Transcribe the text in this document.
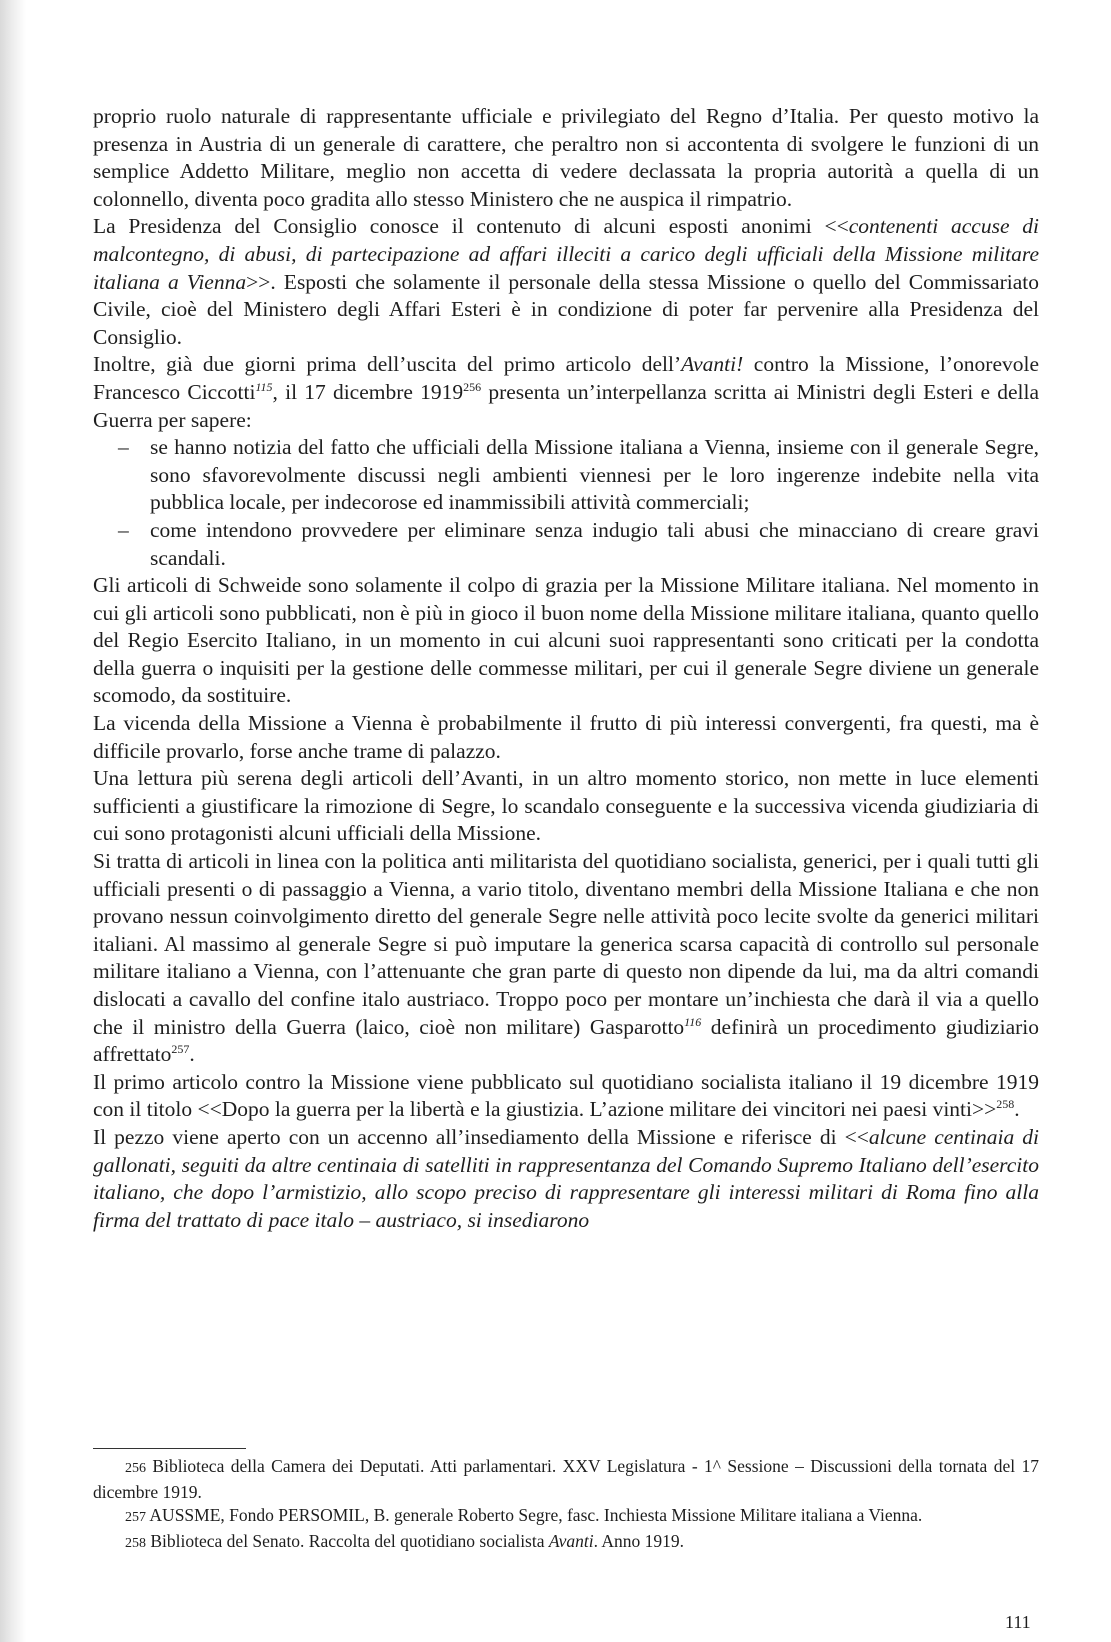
proprio ruolo naturale di rappresentante ufficiale e privilegiato del Regno d’Italia. Per questo motivo la presenza in Austria di un generale di carattere, che peraltro non si accontenta di svolgere le funzioni di un semplice Addetto Militare, meglio non accetta di vedere declassata la propria autorità a quella di un colonnello, diventa poco gradita allo stesso Ministero che ne auspica il rimpatrio.

La Presidenza del Consiglio conosce il contenuto di alcuni esposti anonimi <<contenenti accuse di malcontegno, di abusi, di partecipazione ad affari illeciti a carico degli ufficiali della Missione militare italiana a Vienna>>. Esposti che solamente il personale della stessa Missione o quello del Commissariato Civile, cioè del Ministero degli Affari Esteri è in condizione di poter far pervenire alla Presidenza del Consiglio.

Inoltre, già due giorni prima dell’uscita del primo articolo dell’Avanti! contro la Missione, l’onorevole Francesco Ciccotti$^{115}$, il 17 dicembre 1919$^{256}$ presenta un’interpellanza scritta ai Ministri degli Esteri e della Guerra per sapere:

– se hanno notizia del fatto che ufficiali della Missione italiana a Vienna, insieme con il generale Segre, sono sfavorevolmente discussi negli ambienti viennesi per le loro ingerenze indebite nella vita pubblica locale, per indecorose ed inammissibili attività commerciali;
– come intendono provvedere per eliminare senza indugio tali abusi che minacciano di creare gravi scandali.

Gli articoli di Schweide sono solamente il colpo di grazia per la Missione Militare italiana. Nel momento in cui gli articoli sono pubblicati, non è più in gioco il buon nome della Missione militare italiana, quanto quello del Regio Esercito Italiano, in un momento in cui alcuni suoi rappresentanti sono criticati per la condotta della guerra o inquisiti per la gestione delle commesse militari, per cui il generale Segre diviene un generale scomodo, da sostituire.

La vicenda della Missione a Vienna è probabilmente il frutto di più interessi convergenti, fra questi, ma è difficile provarlo, forse anche trame di palazzo.

Una lettura più serena degli articoli dell’Avanti, in un altro momento storico, non mette in luce elementi sufficienti a giustificare la rimozione di Segre, lo scandalo conseguente e la successiva vicenda giudiziaria di cui sono protagonisti alcuni ufficiali della Missione.

Si tratta di articoli in linea con la politica anti militarista del quotidiano socialista, generici, per i quali tutti gli ufficiali presenti o di passaggio a Vienna, a vario titolo, diventano membri della Missione Italiana e che non provano nessun coinvolgimento diretto del generale Segre nelle attività poco lecite svolte da generici militari italiani. Al massimo al generale Segre si può imputare la generica scarsa capacità di controllo sul personale militare italiano a Vienna, con l’attenuante che gran parte di questo non dipende da lui, ma da altri comandi dislocati a cavallo del confine italo austriaco. Troppo poco per montare un’inchiesta che darà il via a quello che il ministro della Guerra (laico, cioè non militare) Gasparotto$^{116}$ definirà un procedimento giudiziario affrettato$^{257}$.

Il primo articolo contro la Missione viene pubblicato sul quotidiano socialista italiano il 19 dicembre 1919 con il titolo <<Dopo la guerra per la libertà e la giustizia. L’azione militare dei vincitori nei paesi vinti>>$^{258}$.

Il pezzo viene aperto con un accenno all’insediamento della Missione e riferisce di <<alcune centinaia di gallonati, seguiti da altre centinaia di satelliti in rappresentanza del Comando Supremo Italiano dell’esercito italiano, che dopo l’armistizio, allo scopo preciso di rappresentare gli interessi militari di Roma fino alla firma del trattato di pace italo – austriaco, si insediarono

256 Biblioteca della Camera dei Deputati. Atti parlamentari. XXV Legislatura - 1^ Sessione – Discussioni della tornata del 17 dicembre 1919.

257 AUSSME, Fondo PERSOMIL, B. generale Roberto Segre, fasc. Inchiesta Missione Militare italiana a Vienna.

258 Biblioteca del Senato. Raccolta del quotidiano socialista Avanti. Anno 1919.

111
